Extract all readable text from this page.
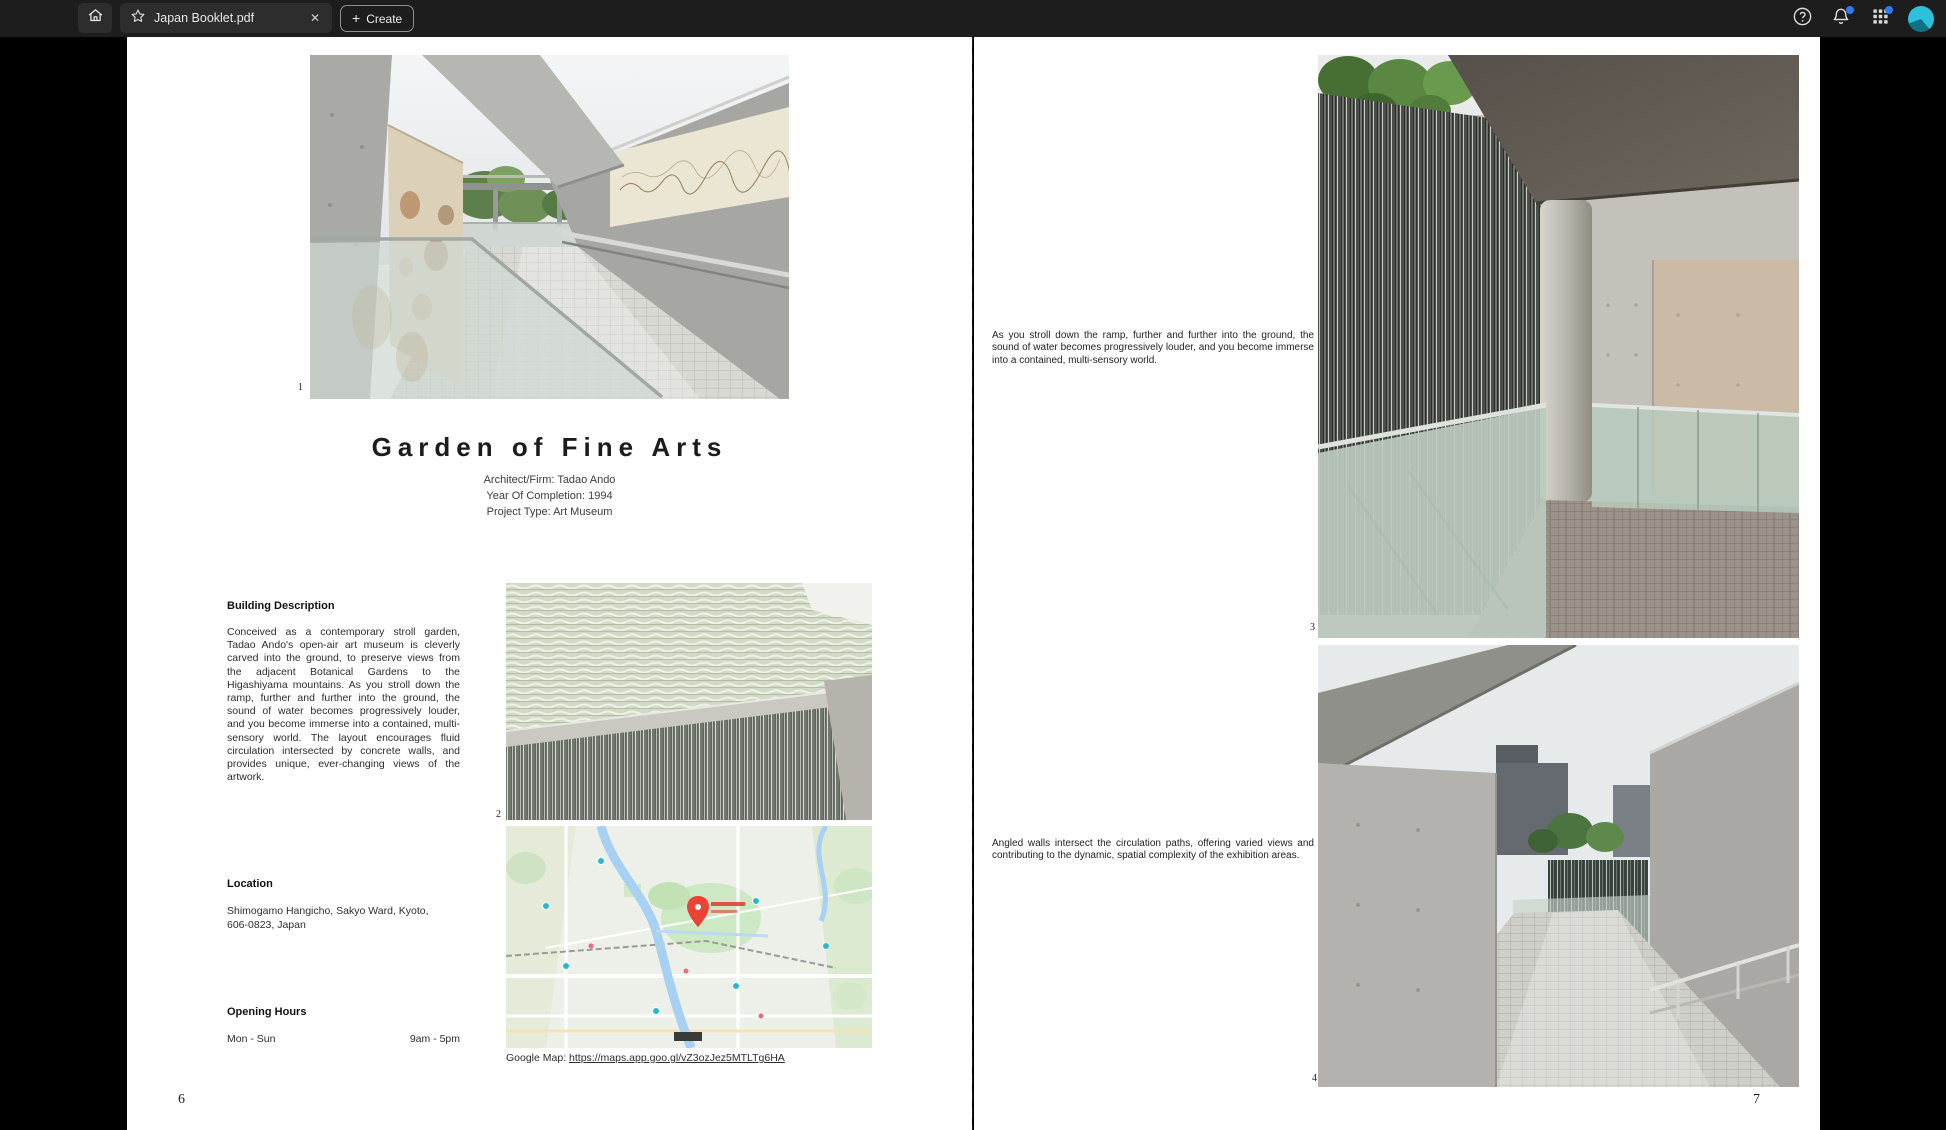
Japan Booklet.pdf	✕ + Create
1
Garden of Fine Arts
Architect/Firm: Tadao Ando
Year Of Completion: 1994
Project Type: Art Museum
Building Description
Conceived as a contemporary stroll garden, Tadao Ando's open-air art museum is cleverly carved into the ground, to preserve views from the adjacent Botanical Gardens to the Higashiyama mountains. As you stroll down the ramp, further and further into the ground, the sound of water becomes progressively louder, and you become immerse into a contained, multi-sensory world. The layout encourages fluid circulation intersected by concrete walls, and provides unique, ever-changing views of the artwork.
Location
Shimogamo Hangicho, Sakyo Ward, Kyoto,
606-0823, Japan
Opening Hours
Mon - Sun	9am - 5pm
2
Google Map: https://maps.app.goo.gl/vZ3ozJez5MTLTg6HA
6
As you stroll down the ramp, further and further into the ground, the sound of water becomes progressively louder, and you become immerse into a contained, multi-sensory world.
3
Angled walls intersect the circulation paths, offering varied views and contributing to the dynamic, spatial complexity of the exhibition areas.
4
7
